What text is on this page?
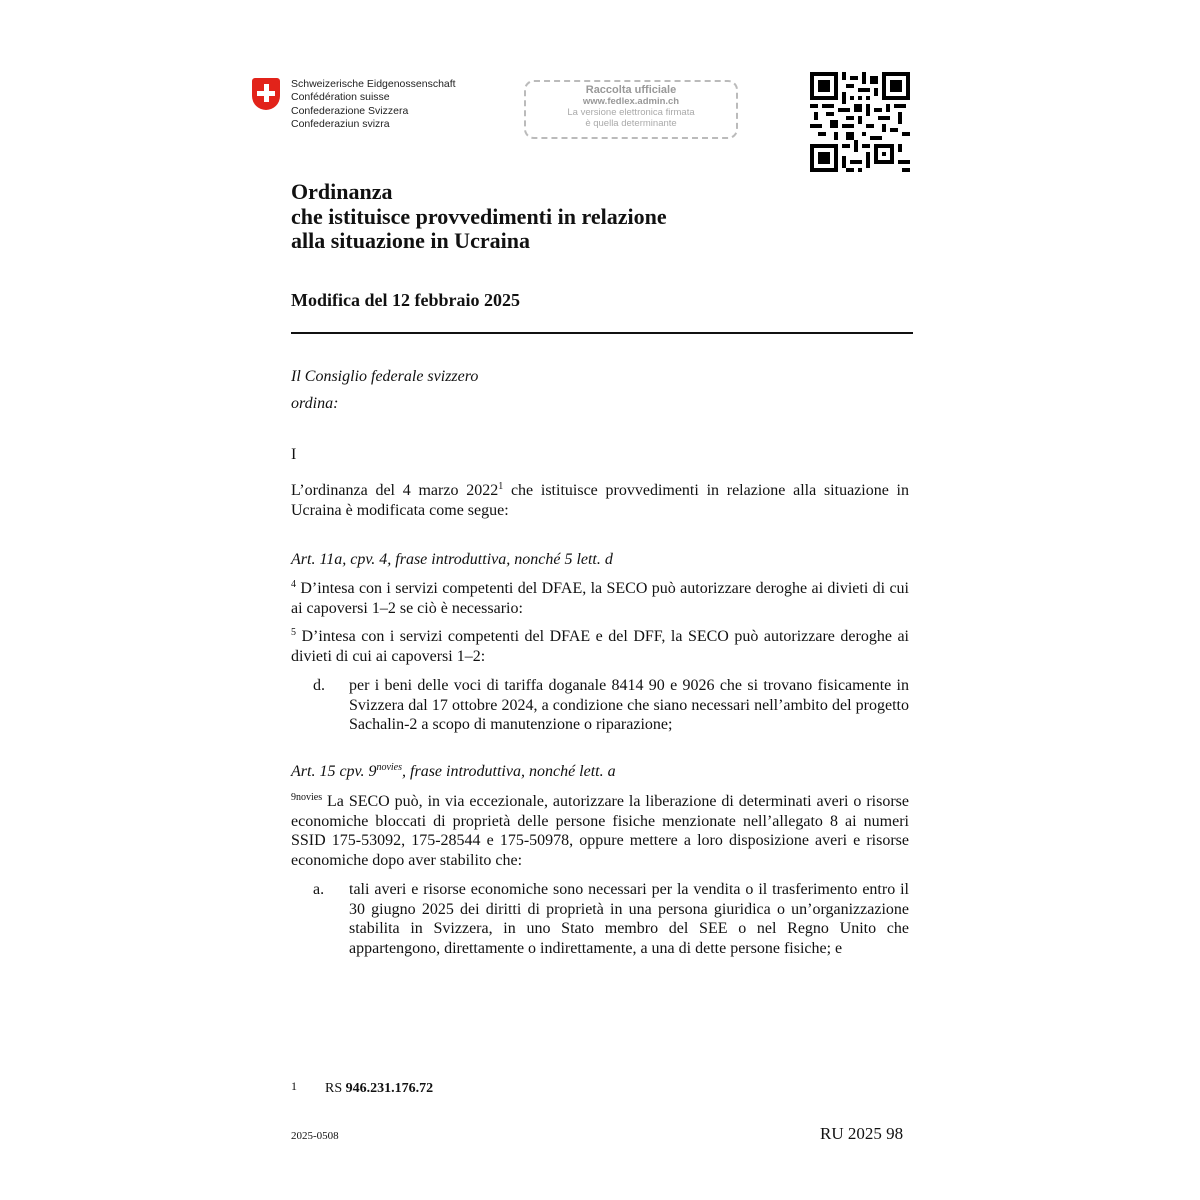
Schweizerische Eidgenossenschaft
Confédération suisse
Confederazione Svizzera
Confederaziun svizra
Raccolta ufficiale
www.fedlex.admin.ch
La versione elettronica firmata
è quella determinante
Ordinanza
che istituisce provvedimenti in relazione
alla situazione in Ucraina
Modifica del 12 febbraio 2025
Il Consiglio federale svizzero
ordina:
I
L’ordinanza del 4 marzo 2022$^1$ che istituisce provvedimenti in relazione alla situazione in Ucraina è modificata come segue:
Art. 11a, cpv. 4, frase introduttiva, nonché 5 lett. d
$^4$ D’intesa con i servizi competenti del DFAE, la SECO può autorizzare deroghe ai divieti di cui ai capoversi 1–2 se ciò è necessario:
$^5$ D’intesa con i servizi competenti del DFAE e del DFF, la SECO può autorizzare deroghe ai divieti di cui ai capoversi 1–2:
d. per i beni delle voci di tariffa doganale 8414 90 e 9026 che si trovano fisicamente in Svizzera dal 17 ottobre 2024, a condizione che siano necessari nell’ambito del progetto Sachalin-2 a scopo di manutenzione o riparazione;
Art. 15 cpv. $9^{novies}$, frase introduttiva, nonché lett. a
$^{9novies}$ La SECO può, in via eccezionale, autorizzare la liberazione di determinati averi o risorse economiche bloccati di proprietà delle persone fisiche menzionate nell’allegato 8 ai numeri SSID 175-53092, 175-28544 e 175-50978, oppure mettere a loro disposizione averi e risorse economiche dopo aver stabilito che:
a. tali averi e risorse economiche sono necessari per la vendita o il trasferimento entro il 30 giugno 2025 dei diritti di proprietà in una persona giuridica o un’organizzazione stabilita in Svizzera, in uno Stato membro del SEE o nel Regno Unito che appartengono, direttamente o indirettamente, a una di dette persone fisiche; e
1 RS 946.231.176.72
2025-0508	RU 2025 98
